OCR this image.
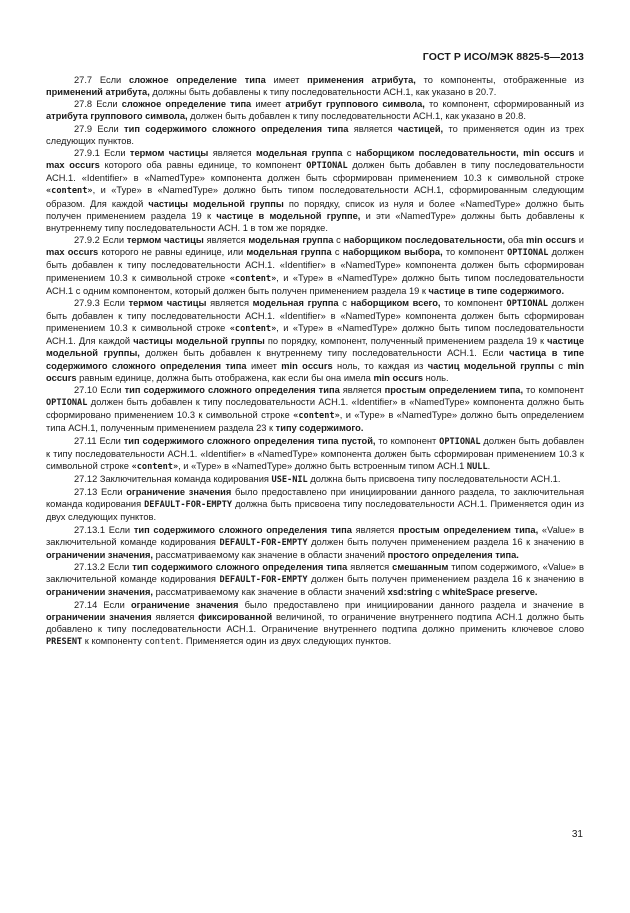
ГОСТ Р ИСО/МЭК 8825-5—2013

27.7 Если сложное определение типа имеет применения атрибута, то компоненты, отображенные из применений атрибута, должны быть добавлены к типу последовательности АСН.1, как указано в 20.7.

27.8 Если сложное определение типа имеет атрибут группового символа, то компонент, сформированный из атрибута группового символа, должен быть добавлен к типу последовательности АСН.1, как указано в 20.8.

27.9 Если тип содержимого сложного определения типа является частицей, то применяется один из трех следующих пунктов.

27.9.1 Если термом частицы является модельная группа с наборщиком последовательности, min occurs и max occurs которого оба равны единице, то компонент OPTIONAL должен быть добавлен в типу последовательности АСН.1. «Identifier» в «NamedType» компонента должен быть сформирован применением 10.3 к символьной строке «content», и «Type» в «NamedType» должно быть типом последовательности АСН.1, сформированным следующим образом. Для каждой частицы модельной группы по порядку, список из нуля и более «NamedType» должно быть получен применением раздела 19 к частице в модельной группе, и эти «NamedType» должны быть добавлены к внутреннему типу последовательности АСН. 1 в том же порядке.

27.9.2 Если термом частицы является модельная группа с наборщиком последовательности, оба min occurs и max occurs которого не равны единице, или модельная группа с наборщиком выбора, то компонент OPTIONAL должен быть добавлен к типу последовательности АСН.1. «Identifier» в «NamedType» компонента должен быть сформирован применением 10.3 к символьной строке «content», и «Type» в «NamedType» должно быть типом последовательности АСН.1 с одним компонентом, который должен быть получен применением раздела 19 к частице в типе содержимого.

27.9.3 Если термом частицы является модельная группа с наборщиком всего, то компонент OPTIONAL должен быть добавлен к типу последовательности АСН.1. «Identifier» в «NamedType» компонента должен быть сформирован применением 10.3 к символьной строке «content», и «Type» в «NamedType» должно быть типом последовательности АСН.1. Для каждой частицы модельной группы по порядку, компонент, полученный применением раздела 19 к частице модельной группы, должен быть добавлен к внутреннему типу последовательности АСН.1. Если частица в типе содержимого сложного определения типа имеет min occurs ноль, то каждая из частиц модельной группы с min occurs равным единице, должна быть отображена, как если бы она имела min occurs ноль.

27.10 Если тип содержимого сложного определения типа является простым определением типа, то компонент OPTIONAL должен быть добавлен к типу последовательности АСН.1. «Identifier» в «NamedType» компонента должно быть сформировано применением 10.3 к символьной строке «content», и «Type» в «NamedType» должно быть определением типа АСН.1, полученным применением раздела 23 к типу содержимого.

27.11 Если тип содержимого сложного определения типа пустой, то компонент OPTIONAL должен быть добавлен к типу последовательности АСН.1. «Identifier» в «NamedType» компонента должен быть сформирован применением 10.3 к символьной строке «content», и «Type» в «NamedType» должно быть встроенным типом АСН.1 NULL.

27.12 Заключительная команда кодирования USE-NIL должна быть присвоена типу последовательности АСН.1.

27.13 Если ограничение значения было предоставлено при инициировании данного раздела, то заключительная команда кодирования DEFAULT-FOR-EMPTY должна быть присвоена типу последовательности АСН.1. Применяется один из двух следующих пунктов.

27.13.1 Если тип содержимого сложного определения типа является простым определением типа, «Value» в заключительной команде кодирования DEFAULT-FOR-EMPTY должен быть получен применением раздела 16 к значению в ограничении значения, рассматриваемому как значение в области значений простого определения типа.

27.13.2 Если тип содержимого сложного определения типа является смешанным типом содержимого, «Value» в заключительной команде кодирования DEFAULT-FOR-EMPTY должен быть получен применением раздела 16 к значению в ограничении значения, рассматриваемому как значение в области значений xsd:string с whiteSpace preserve.

27.14 Если ограничение значения было предоставлено при инициировании данного раздела и значение в ограничении значения является фиксированной величиной, то ограничение внутреннего подтипа АСН.1 должно быть добавлено к типу последовательности АСН.1. Ограничение внутреннего подтипа должно применить ключевое слово PRESENT к компоненту content. Применяется один из двух следующих пунктов.

31
